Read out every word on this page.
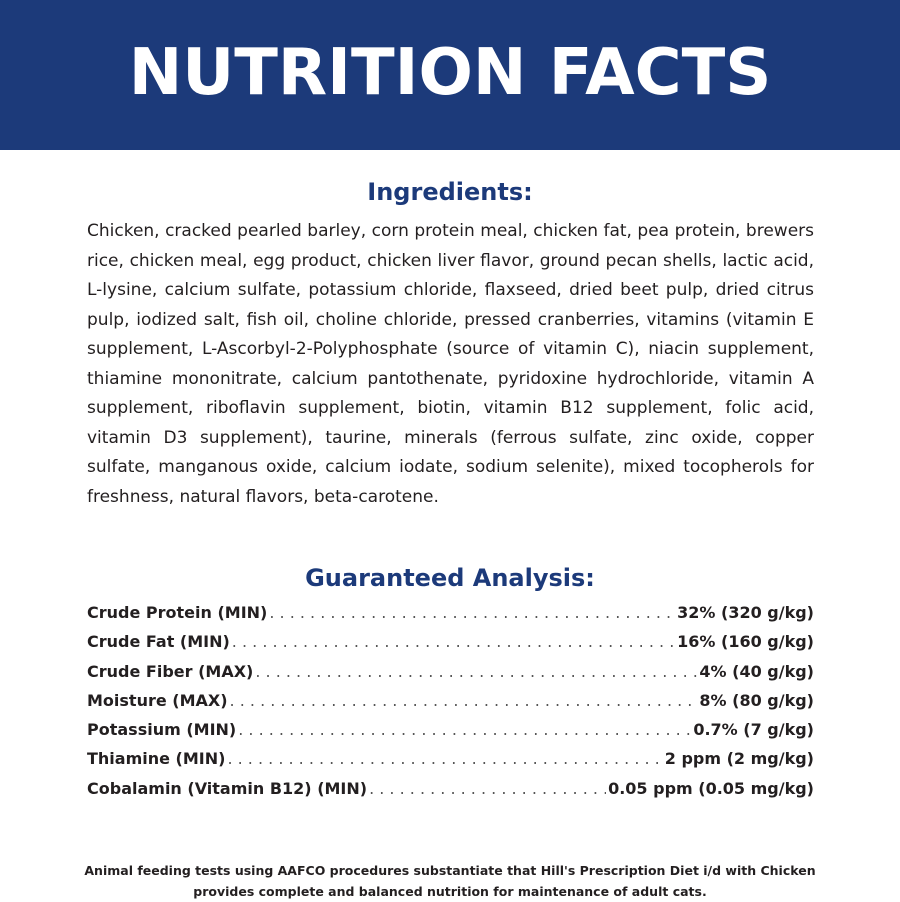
NUTRITION FACTS
Ingredients:
Chicken, cracked pearled barley, corn protein meal, chicken fat, pea protein, brewers rice, chicken meal, egg product, chicken liver flavor, ground pecan shells, lactic acid, L-lysine, calcium sulfate, potassium chloride, flaxseed, dried beet pulp, dried citrus pulp, iodized salt, fish oil, choline chloride, pressed cranberries, vitamins (vitamin E supplement, L-Ascorbyl-2-Polyphosphate (source of vitamin C), niacin supplement, thiamine mononitrate, calcium pantothenate, pyridoxine hydrochloride, vitamin A supplement, riboflavin supplement, biotin, vitamin B12 supplement, folic acid, vitamin D3 supplement), taurine, minerals (ferrous sulfate, zinc oxide, copper sulfate, manganous oxide, calcium iodate, sodium selenite), mixed tocopherols for freshness, natural flavors, beta-carotene.
Guaranteed Analysis:
Crude Protein (MIN) . . .	32% (320 g/kg)
Crude Fat (MIN) . . .	16% (160 g/kg)
Crude Fiber (MAX) . . .	4% (40 g/kg)
Moisture (MAX) . . .	8% (80 g/kg)
Potassium (MIN) . . .	0.7% (7 g/kg)
Thiamine (MIN) . . .	2 ppm (2 mg/kg)
Cobalamin (Vitamin B12) (MIN) . . .	0.05 ppm (0.05 mg/kg)
Animal feeding tests using AAFCO procedures substantiate that Hill's Prescription Diet i/d with Chicken
provides complete and balanced nutrition for maintenance of adult cats.
